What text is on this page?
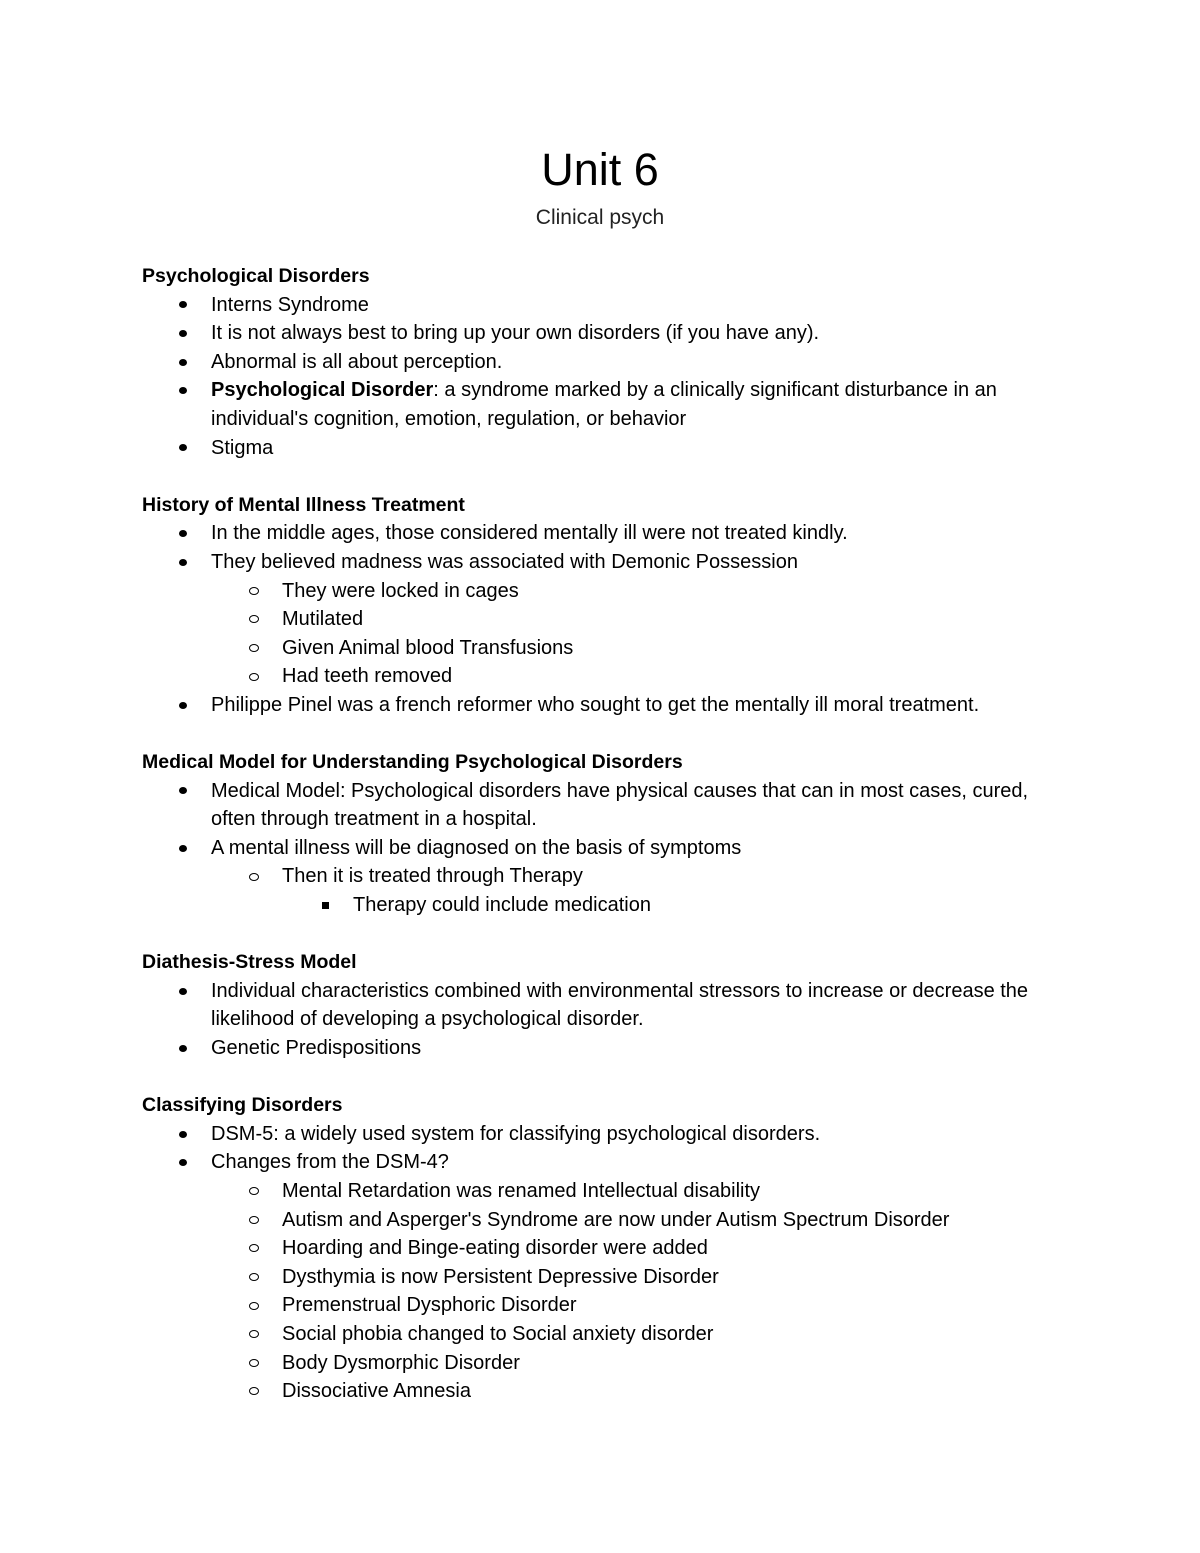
Unit 6
Clinical psych
Psychological Disorders
Interns Syndrome
It is not always best to bring up your own disorders (if you have any).
Abnormal is all about perception.
Psychological Disorder: a syndrome marked by a clinically significant disturbance in an individual's cognition, emotion, regulation, or behavior
Stigma
History of Mental Illness Treatment
In the middle ages, those considered mentally ill were not treated kindly.
They believed madness was associated with Demonic Possession
They were locked in cages
Mutilated
Given Animal blood Transfusions
Had teeth removed
Philippe Pinel was a french reformer who sought to get the mentally ill moral treatment.
Medical Model for Understanding Psychological Disorders
Medical Model: Psychological disorders have physical causes that can in most cases, cured, often through treatment in a hospital.
A mental illness will be diagnosed on the basis of symptoms
Then it is treated through Therapy
Therapy could include medication
Diathesis-Stress Model
Individual characteristics combined with environmental stressors to increase or decrease the likelihood of developing a psychological disorder.
Genetic Predispositions
Classifying Disorders
DSM-5: a widely used system for classifying psychological disorders.
Changes from the DSM-4?
Mental Retardation was renamed Intellectual disability
Autism and Asperger's Syndrome are now under Autism Spectrum Disorder
Hoarding and Binge-eating disorder were added
Dysthymia is now Persistent Depressive Disorder
Premenstrual Dysphoric Disorder
Social phobia changed to Social anxiety disorder
Body Dysmorphic Disorder
Dissociative Amnesia
